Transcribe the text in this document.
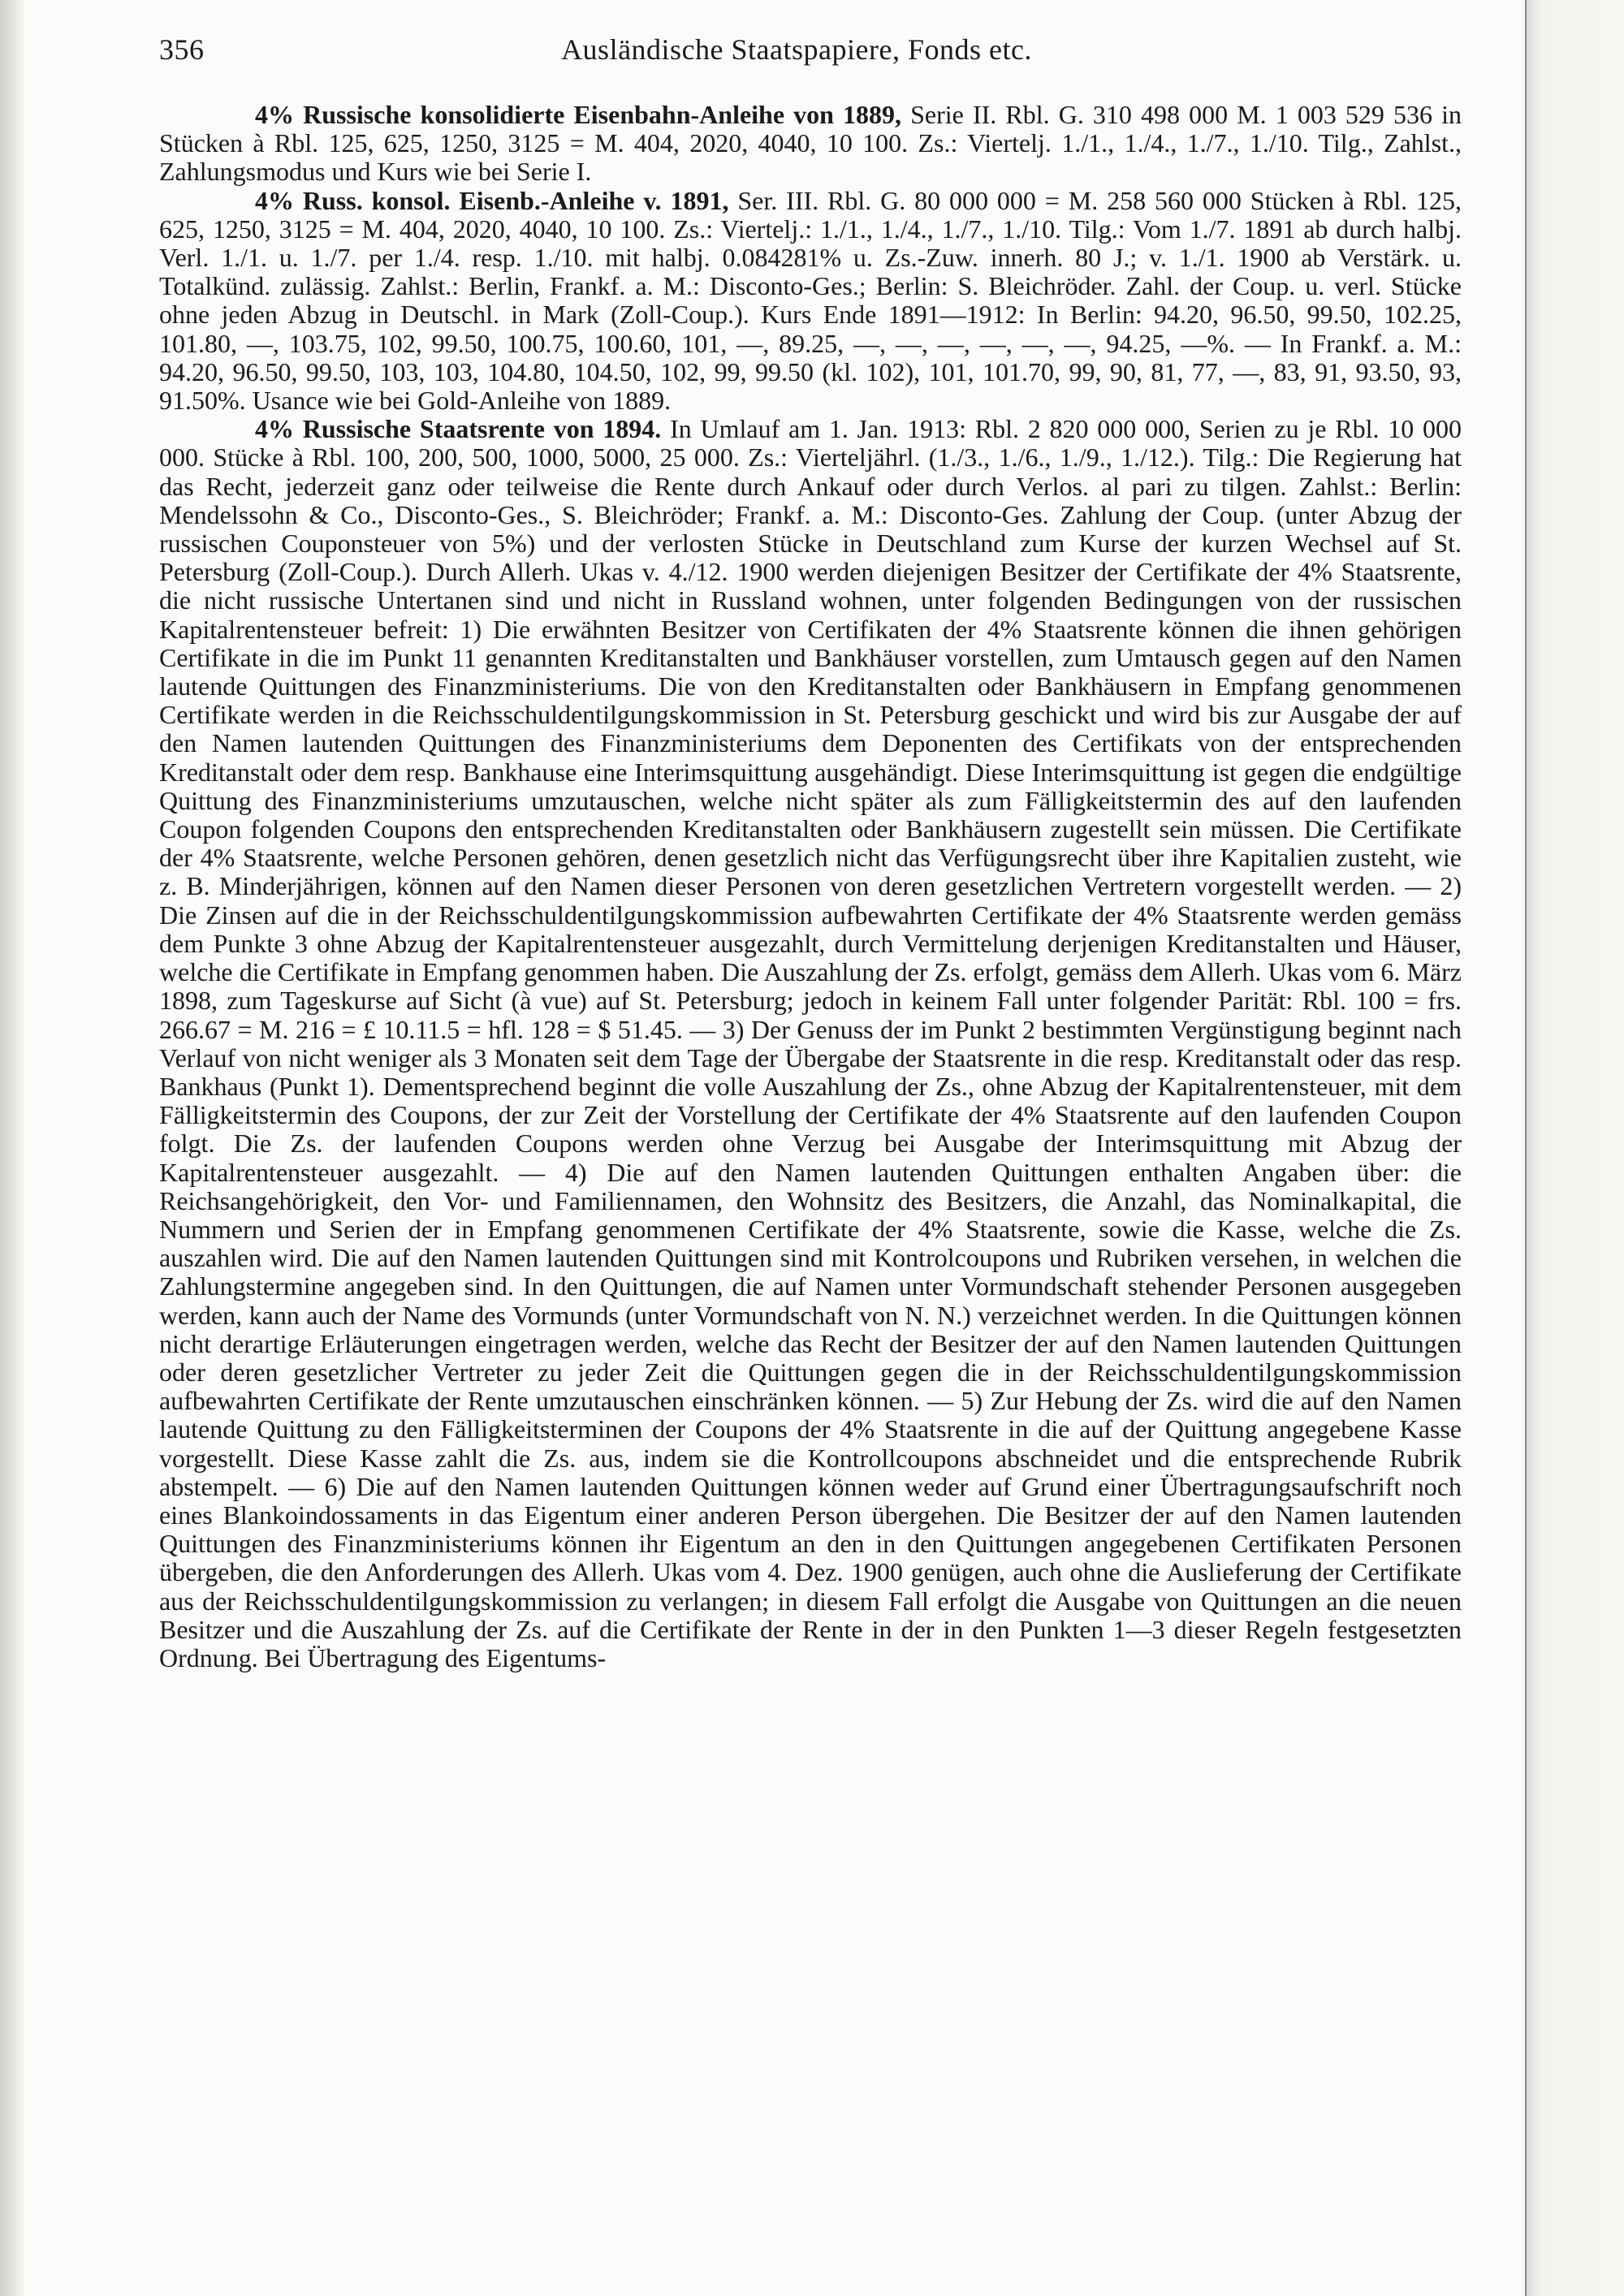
356	Ausländische Staatspapiere, Fonds etc.

4% Russische konsolidierte Eisenbahn-Anleihe von 1889, Serie II. Rbl. G. 310 498 000 M. 1 003 529 536 in Stücken à Rbl. 125, 625, 1250, 3125 = M. 404, 2020, 4040, 10 100. Zs.: Viertelj. 1./1., 1./4., 1./7., 1./10. Tilg., Zahlst., Zahlungsmodus und Kurs wie bei Serie I.

4% Russ. konsol. Eisenb.-Anleihe v. 1891, Ser. III. Rbl. G. 80 000 000 = M. 258 560 000 Stücken à Rbl. 125, 625, 1250, 3125 = M. 404, 2020, 4040, 10 100. Zs.: Viertelj.: 1./1., 1./4., 1./7., 1./10. Tilg.: Vom 1./7. 1891 ab durch halbj. Verl. 1./1. u. 1./7. per 1./4. resp. 1./10. mit halbj. 0.084281% u. Zs.-Zuw. innerh. 80 J.; v. 1./1. 1900 ab Verstärk. u. Totalkünd. zulässig. Zahlst.: Berlin, Frankf. a. M.: Disconto-Ges.; Berlin: S. Bleichröder. Zahl. der Coup. u. verl. Stücke ohne jeden Abzug in Deutschl. in Mark (Zoll-Coup.). Kurs Ende 1891—1912: In Berlin: 94.20, 96.50, 99.50, 102.25, 101.80, —, 103.75, 102, 99.50, 100.75, 100.60, 101, —, 89.25, —, —, —, —, —, —, 94.25, —%. — In Frankf. a. M.: 94.20, 96.50, 99.50, 103, 103, 104.80, 104.50, 102, 99, 99.50 (kl. 102), 101, 101.70, 99, 90, 81, 77, —, 83, 91, 93.50, 93, 91.50%. Usance wie bei Gold-Anleihe von 1889.

4% Russische Staatsrente von 1894. In Umlauf am 1. Jan. 1913: Rbl. 2 820 000 000, Serien zu je Rbl. 10 000 000. Stücke à Rbl. 100, 200, 500, 1000, 5000, 25 000. Zs.: Vierteljährl. (1./3., 1./6., 1./9., 1./12.). Tilg.: Die Regierung hat das Recht, jederzeit ganz oder teilweise die Rente durch Ankauf oder durch Verlos. al pari zu tilgen. Zahlst.: Berlin: Mendelssohn & Co., Disconto-Ges., S. Bleichröder; Frankf. a. M.: Disconto-Ges. Zahlung der Coup. (unter Abzug der russischen Couponsteuer von 5%) und der verlosten Stücke in Deutschland zum Kurse der kurzen Wechsel auf St. Petersburg (Zoll-Coup.). Durch Allerh. Ukas v. 4./12. 1900 werden diejenigen Besitzer der Certifikate der 4% Staatsrente, die nicht russische Untertanen sind und nicht in Russland wohnen, unter folgenden Bedingungen von der russischen Kapitalrentensteuer befreit: 1) Die erwähnten Besitzer von Certifikaten der 4% Staatsrente können die ihnen gehörigen Certifikate in die im Punkt 11 genannten Kreditanstalten und Bankhäuser vorstellen, zum Umtausch gegen auf den Namen lautende Quittungen des Finanzministeriums. Die von den Kreditanstalten oder Bankhäusern in Empfang genommenen Certifikate werden in die Reichsschuldentilgungskommission in St. Petersburg geschickt und wird bis zur Ausgabe der auf den Namen lautenden Quittungen des Finanzministeriums dem Deponenten des Certifikats von der entsprechenden Kreditanstalt oder dem resp. Bankhause eine Interimsquittung ausgehändigt. Diese Interimsquittung ist gegen die endgültige Quittung des Finanzministeriums umzutauschen, welche nicht später als zum Fälligkeitstermin des auf den laufenden Coupon folgenden Coupons den entsprechenden Kreditanstalten oder Bankhäusern zugestellt sein müssen. Die Certifikate der 4% Staatsrente, welche Personen gehören, denen gesetzlich nicht das Verfügungsrecht über ihre Kapitalien zusteht, wie z. B. Minderjährigen, können auf den Namen dieser Personen von deren gesetzlichen Vertretern vorgestellt werden. — 2) Die Zinsen auf die in der Reichsschuldentilgungskommission aufbewahrten Certifikate der 4% Staatsrente werden gemäss dem Punkte 3 ohne Abzug der Kapitalrentensteuer ausgezahlt, durch Vermittelung derjenigen Kreditanstalten und Häuser, welche die Certifikate in Empfang genommen haben. Die Auszahlung der Zs. erfolgt, gemäss dem Allerh. Ukas vom 6. März 1898, zum Tageskurse auf Sicht (à vue) auf St. Petersburg; jedoch in keinem Fall unter folgender Parität: Rbl. 100 = frs. 266.67 = M. 216 = £ 10.11.5 = hfl. 128 = $ 51.45. — 3) Der Genuss der im Punkt 2 bestimmten Vergünstigung beginnt nach Verlauf von nicht weniger als 3 Monaten seit dem Tage der Übergabe der Staatsrente in die resp. Kreditanstalt oder das resp. Bankhaus (Punkt 1). Dementsprechend beginnt die volle Auszahlung der Zs., ohne Abzug der Kapitalrentensteuer, mit dem Fälligkeitstermin des Coupons, der zur Zeit der Vorstellung der Certifikate der 4% Staatsrente auf den laufenden Coupon folgt. Die Zs. der laufenden Coupons werden ohne Verzug bei Ausgabe der Interimsquittung mit Abzug der Kapitalrentensteuer ausgezahlt. — 4) Die auf den Namen lautenden Quittungen enthalten Angaben über: die Reichsangehörigkeit, den Vor- und Familiennamen, den Wohnsitz des Besitzers, die Anzahl, das Nominalkapital, die Nummern und Serien der in Empfang genommenen Certifikate der 4% Staatsrente, sowie die Kasse, welche die Zs. auszahlen wird. Die auf den Namen lautenden Quittungen sind mit Kontrolcoupons und Rubriken versehen, in welchen die Zahlungstermine angegeben sind. In den Quittungen, die auf Namen unter Vormundschaft stehender Personen ausgegeben werden, kann auch der Name des Vormunds (unter Vormundschaft von N. N.) verzeichnet werden. In die Quittungen können nicht derartige Erläuterungen eingetragen werden, welche das Recht der Besitzer der auf den Namen lautenden Quittungen oder deren gesetzlicher Vertreter zu jeder Zeit die Quittungen gegen die in der Reichsschuldentilgungskommission aufbewahrten Certifikate der Rente umzutauschen einschränken können. — 5) Zur Hebung der Zs. wird die auf den Namen lautende Quittung zu den Fälligkeitsterminen der Coupons der 4% Staatsrente in die auf der Quittung angegebene Kasse vorgestellt. Diese Kasse zahlt die Zs. aus, indem sie die Kontrollcoupons abschneidet und die entsprechende Rubrik abstempelt. — 6) Die auf den Namen lautenden Quittungen können weder auf Grund einer Übertragungsaufschrift noch eines Blankoindossaments in das Eigentum einer anderen Person übergehen. Die Besitzer der auf den Namen lautenden Quittungen des Finanzministeriums können ihr Eigentum an den in den Quittungen angegebenen Certifikaten Personen übergeben, die den Anforderungen des Allerh. Ukas vom 4. Dez. 1900 genügen, auch ohne die Auslieferung der Certifikate aus der Reichsschuldentilgungskommission zu verlangen; in diesem Fall erfolgt die Ausgabe von Quittungen an die neuen Besitzer und die Auszahlung der Zs. auf die Certifikate der Rente in der in den Punkten 1—3 dieser Regeln festgesetzten Ordnung. Bei Übertragung des Eigentums-
